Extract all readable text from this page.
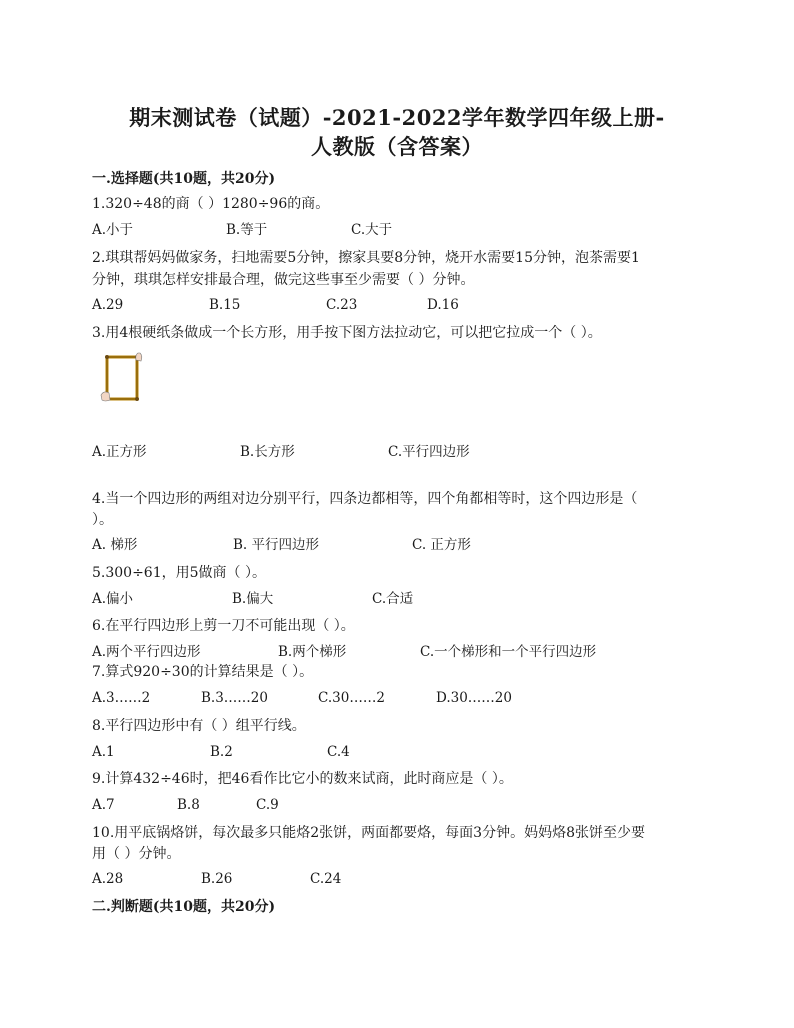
期末测试卷（试题）-2021-2022学年数学四年级上册-
人教版（含答案）
一.选择题(共10题，共20分)
1.320÷48的商（ ）1280÷96的商。
A.小于	B.等于	C.大于
2.琪琪帮妈妈做家务，扫地需要5分钟，擦家具要8分钟，烧开水需要15分钟，泡茶需要1
分钟，琪琪怎样安排最合理，做完这些事至少需要（ ）分钟。
A.29	B.15	C.23	D.16
3.用4根硬纸条做成一个长方形，用手按下图方法拉动它，可以把它拉成一个（ ）。
A.正方形	B.长方形	C.平行四边形
4.当一个四边形的两组对边分别平行，四条边都相等，四个角都相等时，这个四边形是（
）。
A. 梯形	B. 平行四边形	C. 正方形
5.300÷61，用5做商（ ）。
A.偏小	B.偏大	C.合适
6.在平行四边形上剪一刀不可能出现（ ）。
A.两个平行四边形	B.两个梯形	C.一个梯形和一个平行四边形
7.算式920÷30的计算结果是（ ）。
A.3……2	B.3……20	C.30……2	D.30……20
8.平行四边形中有（ ）组平行线。
A.1	B.2	C.4
9.计算432÷46时，把46看作比它小的数来试商，此时商应是（ ）。
A.7	B.8	C.9
10.用平底锅烙饼，每次最多只能烙2张饼，两面都要烙，每面3分钟。妈妈烙8张饼至少要
用（ ）分钟。
A.28	B.26	C.24
二.判断题(共10题，共20分)
